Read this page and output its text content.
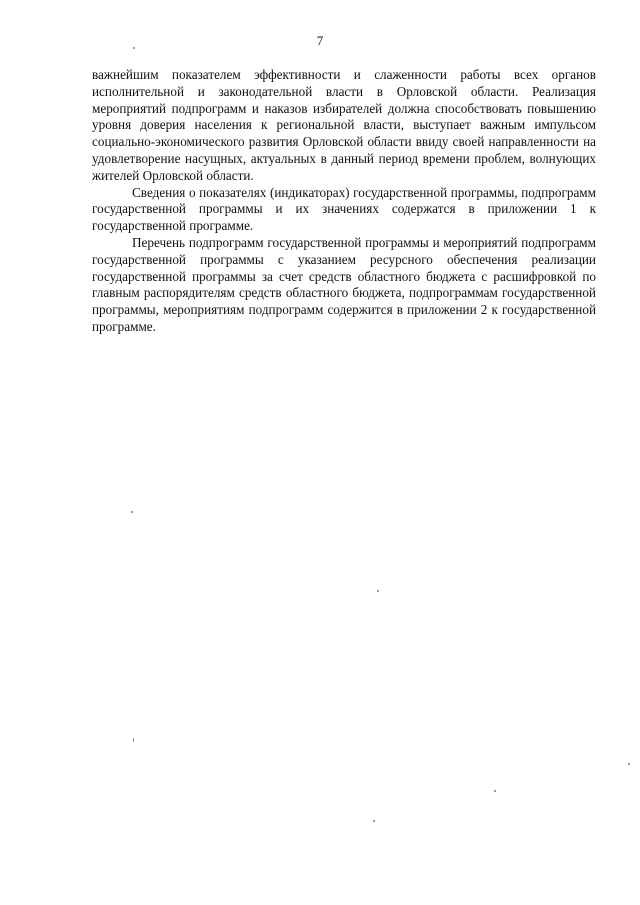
7

важнейшим показателем эффективности и слаженности работы всех органов исполнительной и законодательной власти в Орловской области. Реализация мероприятий подпрограмм и наказов избирателей должна способствовать повышению уровня доверия населения к региональной власти, выступает важным импульсом социально-экономического развития Орловской области ввиду своей направленности на удовлетворение насущных, актуальных в данный период времени проблем, волнующих жителей Орловской области.

Сведения о показателях (индикаторах) государственной программы, подпрограмм государственной программы и их значениях содержатся в приложении 1 к государственной программе.

Перечень подпрограмм государственной программы и мероприятий подпрограмм государственной программы с указанием ресурсного обеспечения реализации государственной программы за счет средств областного бюджета с расшифровкой по главным распорядителям средств областного бюджета, подпрограммам государственной программы, мероприятиям подпрограмм содержится в приложении 2 к государственной программе.
